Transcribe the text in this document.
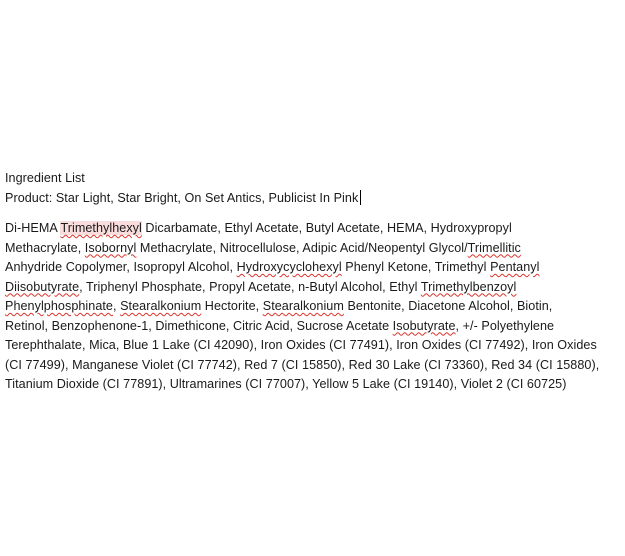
Ingredient List
Product: Star Light, Star Bright, On Set Antics, Publicist In Pink

Di-HEMA Trimethylhexyl Dicarbamate, Ethyl Acetate, Butyl Acetate, HEMA, Hydroxypropyl
Methacrylate, Isobornyl Methacrylate, Nitrocellulose, Adipic Acid/Neopentyl Glycol/Trimellitic
Anhydride Copolymer, Isopropyl Alcohol, Hydroxycyclohexyl Phenyl Ketone, Trimethyl Pentanyl
Diisobutyrate, Triphenyl Phosphate, Propyl Acetate, n-Butyl Alcohol, Ethyl Trimethylbenzoyl
Phenylphosphinate, Stearalkonium Hectorite, Stearalkonium Bentonite, Diacetone Alcohol, Biotin,
Retinol, Benzophenone-1, Dimethicone, Citric Acid, Sucrose Acetate Isobutyrate, +/- Polyethylene
Terephthalate, Mica, Blue 1 Lake (CI 42090), Iron Oxides (CI 77491), Iron Oxides (CI 77492), Iron Oxides
(CI 77499), Manganese Violet (CI 77742), Red 7 (CI 15850), Red 30 Lake (CI 73360), Red 34 (CI 15880),
Titanium Dioxide (CI 77891), Ultramarines (CI 77007), Yellow 5 Lake (CI 19140), Violet 2 (CI 60725)
